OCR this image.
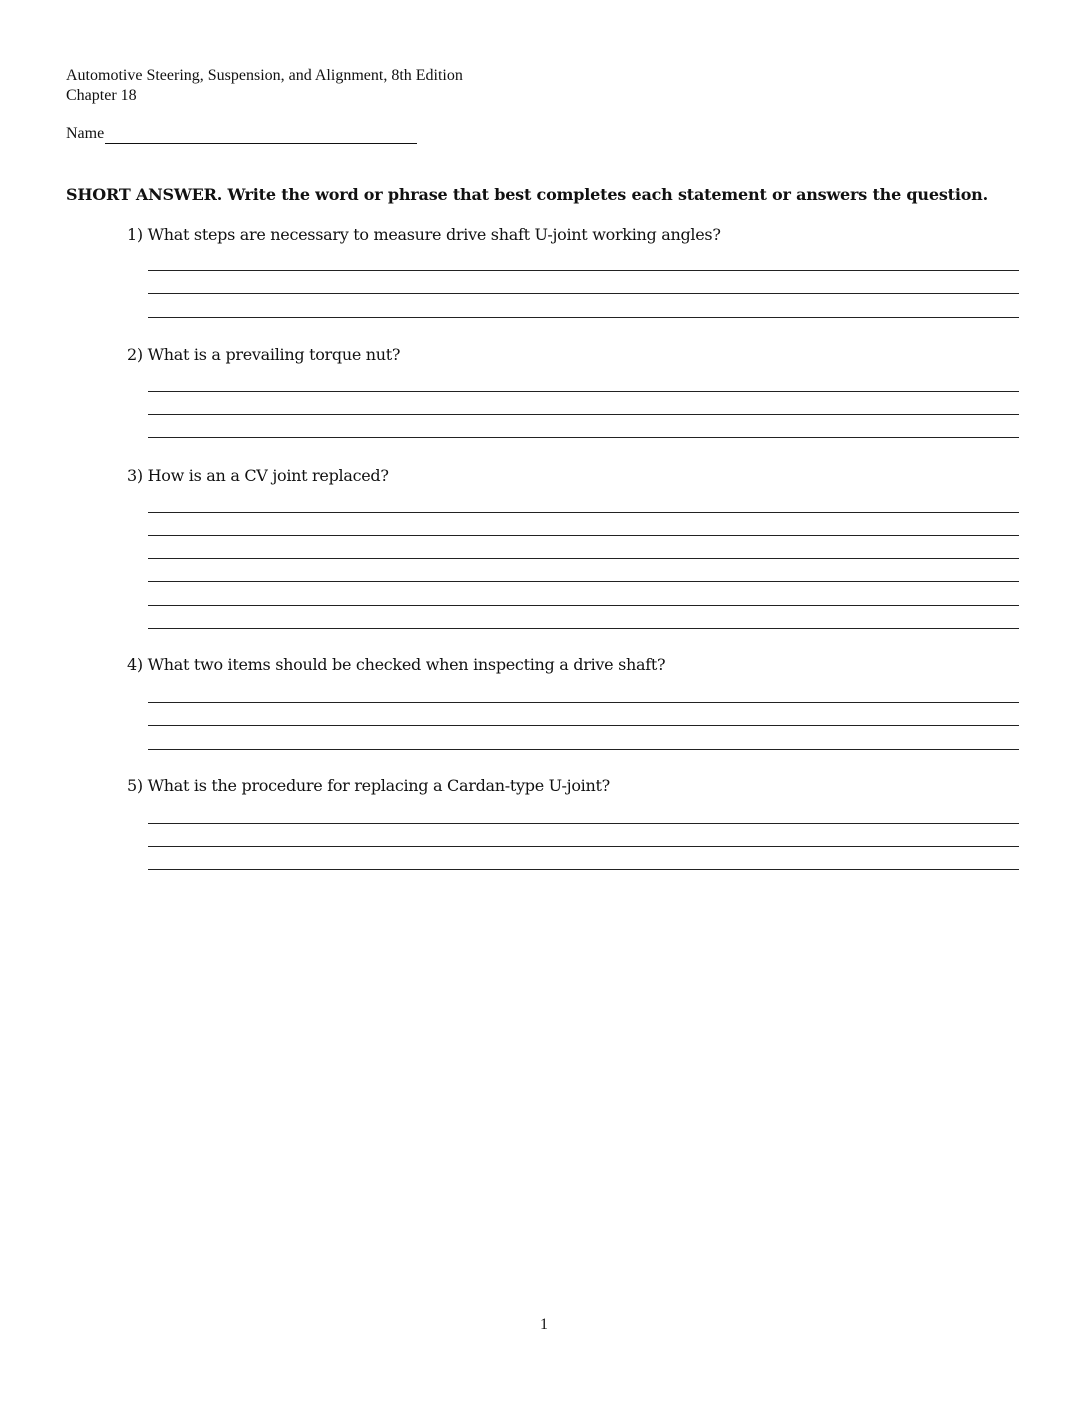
Automotive Steering, Suspension, and Alignment, 8th Edition
Chapter 18
Name
SHORT ANSWER. Write the word or phrase that best completes each statement or answers the question.
1) What steps are necessary to measure drive shaft U-joint working angles?
2) What is a prevailing torque nut?
3) How is an a CV joint replaced?
4) What two items should be checked when inspecting a drive shaft?
5) What is the procedure for replacing a Cardan-type U-joint?
1
